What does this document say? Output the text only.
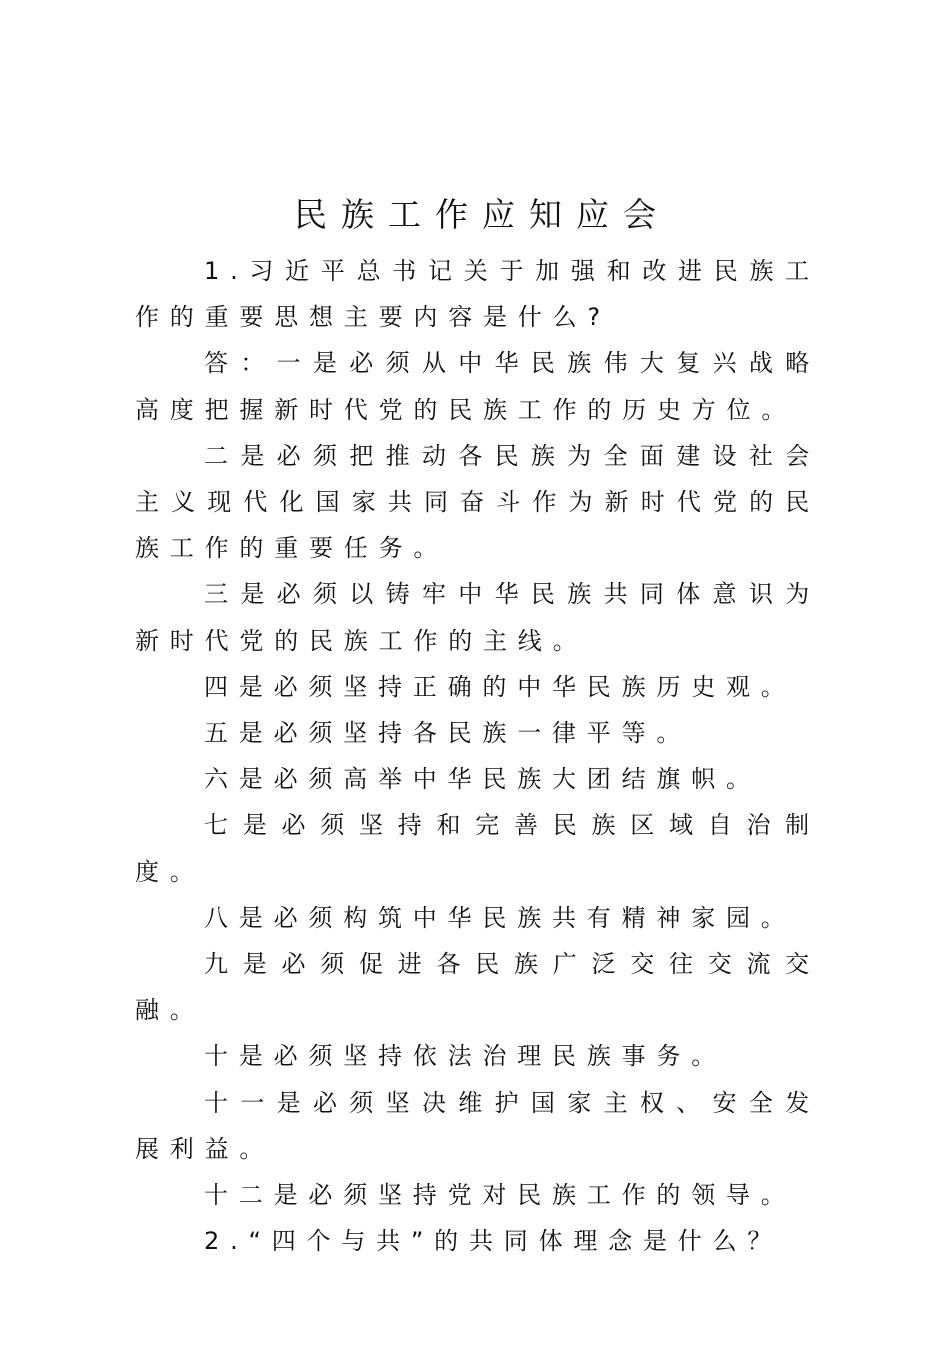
民族工作应知应会

1.习近平总书记关于加强和改进民族工作的重要思想主要内容是什么?

答：一是必须从中华民族伟大复兴战略高度把握新时代党的民族工作的历史方位。

二是必须把推动各民族为全面建设社会主义现代化国家共同奋斗作为新时代党的民族工作的重要任务。

三是必须以铸牢中华民族共同体意识为新时代党的民族工作的主线。

四是必须坚持正确的中华民族历史观。

五是必须坚持各民族一律平等。

六是必须高举中华民族大团结旗帜。

七是必须坚持和完善民族区域自治制度。

八是必须构筑中华民族共有精神家园。

九是必须促进各民族广泛交往交流交融。

十是必须坚持依法治理民族事务。

十一是必须坚决维护国家主权、安全发展利益。

十二是必须坚持党对民族工作的领导。

2.“四个与共”的共同体理念是什么？
